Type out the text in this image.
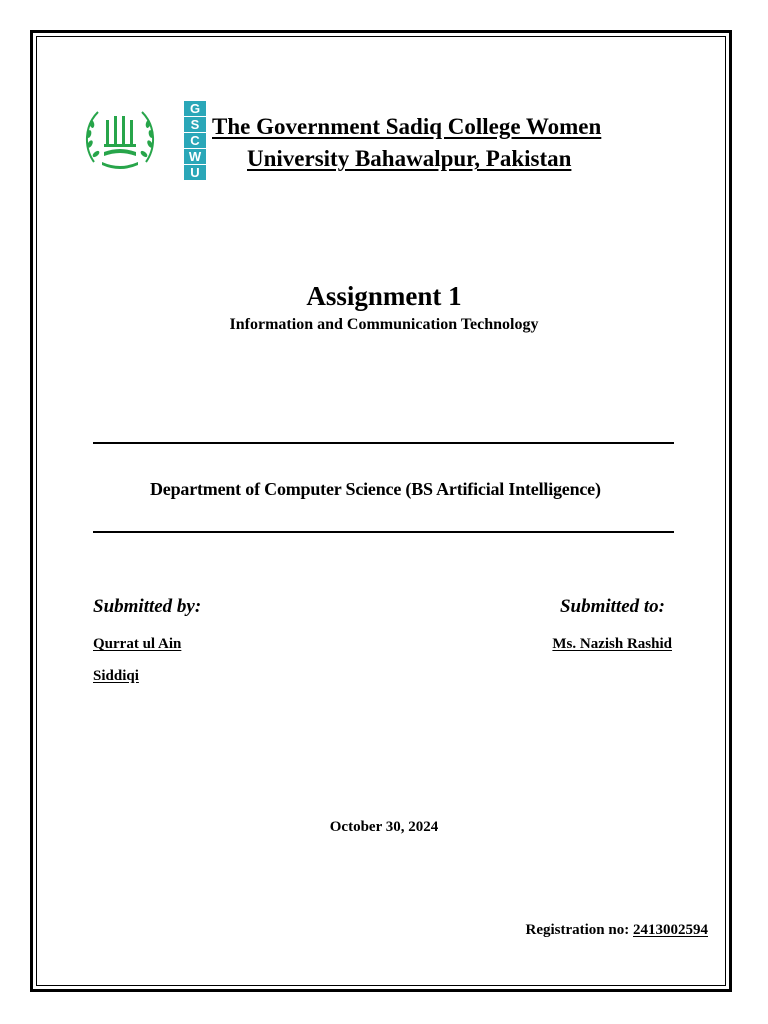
G
S
C
W
U
The Government Sadiq College Women
University Bahawalpur, Pakistan
Assignment 1
Information and Communication Technology
Department of Computer Science (BS Artificial Intelligence)
Submitted by:	Submitted to:
Qurrat ul Ain
Siddiqi
Ms. Nazish Rashid
October 30, 2024
Registration no: 2413002594
